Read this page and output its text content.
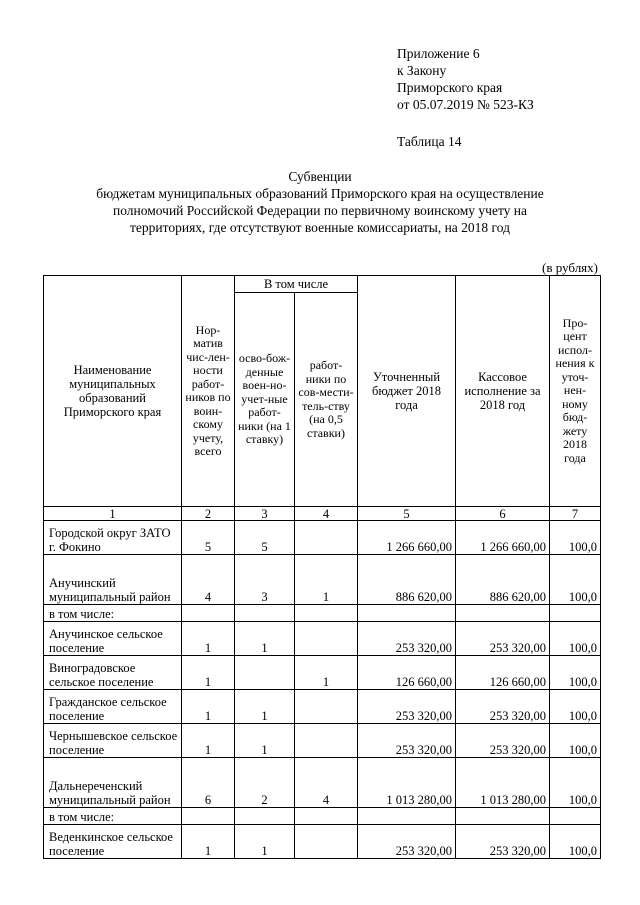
Приложение 6
к Закону
Приморского края
от 05.07.2019 № 523-КЗ
Таблица 14
Субвенции
бюджетам муниципальных образований Приморского края на осуществление
полномочий Российской Федерации по первичному воинскому учету на
территориях, где отсутствуют военные комиссариаты, на 2018 год
(в рублях)
Наименование муниципальных образований Приморского края	Нор-матив чис-лен-ности работ-ников по воин-скому учету, всего	В том числе		Уточненный бюджет 2018 года	Кассовое исполнение за 2018 год	Про-цент испол-нения к уточ-нен-ному бюд-жету 2018 года
		осво-бож-денные воен-но-учет-ные работ-ники (на 1 ставку)	работ-ники по сов-мести-тель-ству (на 0,5 ставки)			
1	2	3	4	5	6	7
Городской округ ЗАТО г. Фокино	5	5		1 266 660,00	1 266 660,00	100,0
Анучинский муниципальный район	4	3	1	886 620,00	886 620,00	100,0
в том числе:						
Анучинское сельское поселение	1	1		253 320,00	253 320,00	100,0
Виноградовское сельское поселение	1		1	126 660,00	126 660,00	100,0
Гражданское сельское поселение	1	1		253 320,00	253 320,00	100,0
Чернышевское сельское поселение	1	1		253 320,00	253 320,00	100,0
Дальнереченский муниципальный район	6	2	4	1 013 280,00	1 013 280,00	100,0
в том числе:						
Веденкинское сельское поселение	1	1		253 320,00	253 320,00	100,0
